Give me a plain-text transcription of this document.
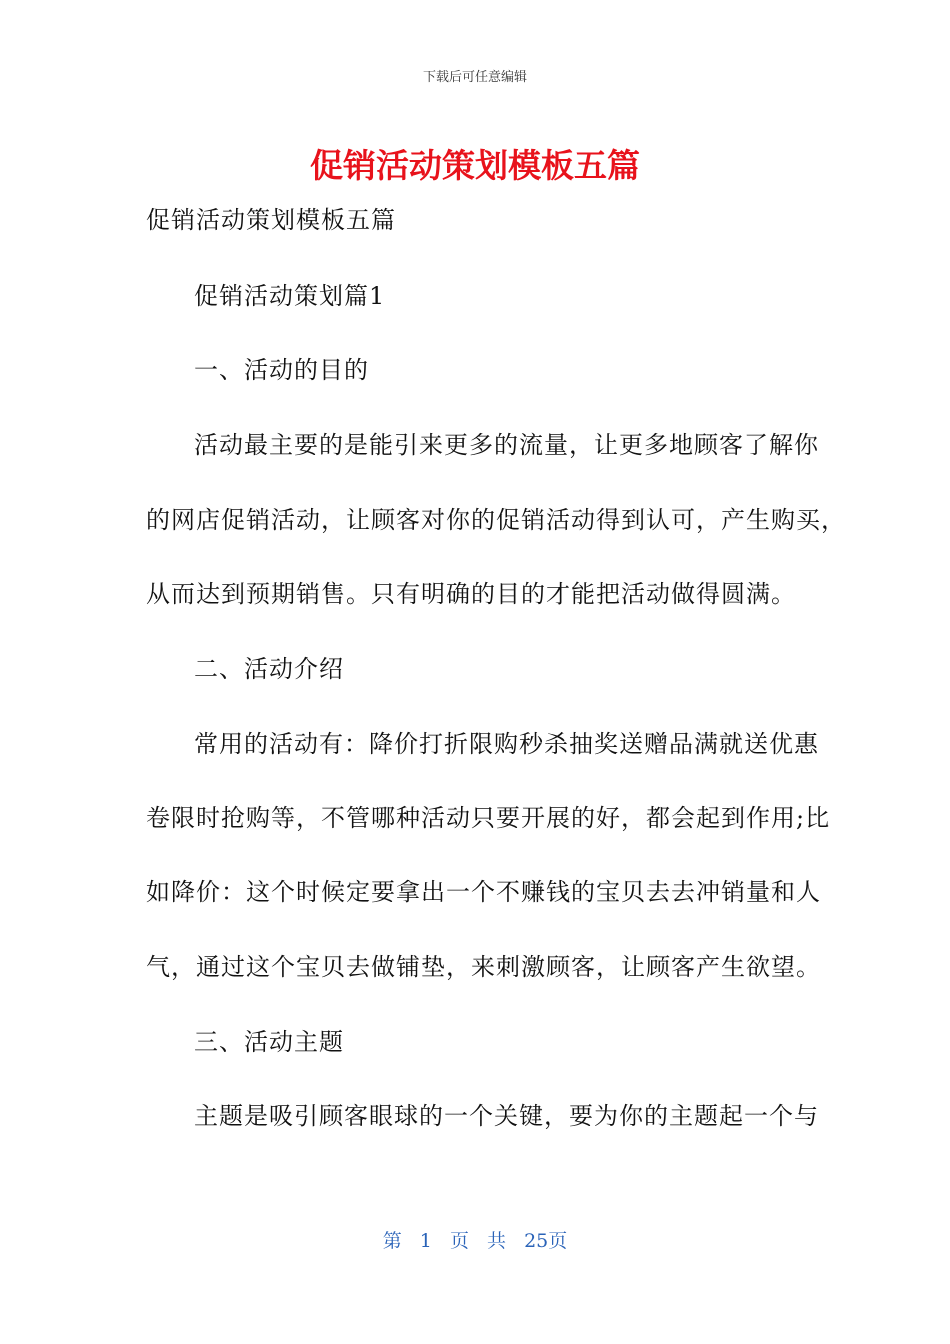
下载后可任意编辑
促销活动策划模板五篇
促销活动策划模板五篇
促销活动策划篇1
一、活动的目的
活动最主要的是能引来更多的流量，让更多地顾客了解你
的网店促销活动，让顾客对你的促销活动得到认可，产生购买，
从而达到预期销售。只有明确的目的才能把活动做得圆满。
二、活动介绍
常用的活动有：降价打折限购秒杀抽奖送赠品满就送优惠
卷限时抢购等，不管哪种活动只要开展的好，都会起到作用;比
如降价：这个时候定要拿出一个不赚钱的宝贝去去冲销量和人
气，通过这个宝贝去做铺垫，来刺激顾客，让顾客产生欲望。
三、活动主题
主题是吸引顾客眼球的一个关键，要为你的主题起一个与
第 1 页 共 25页
